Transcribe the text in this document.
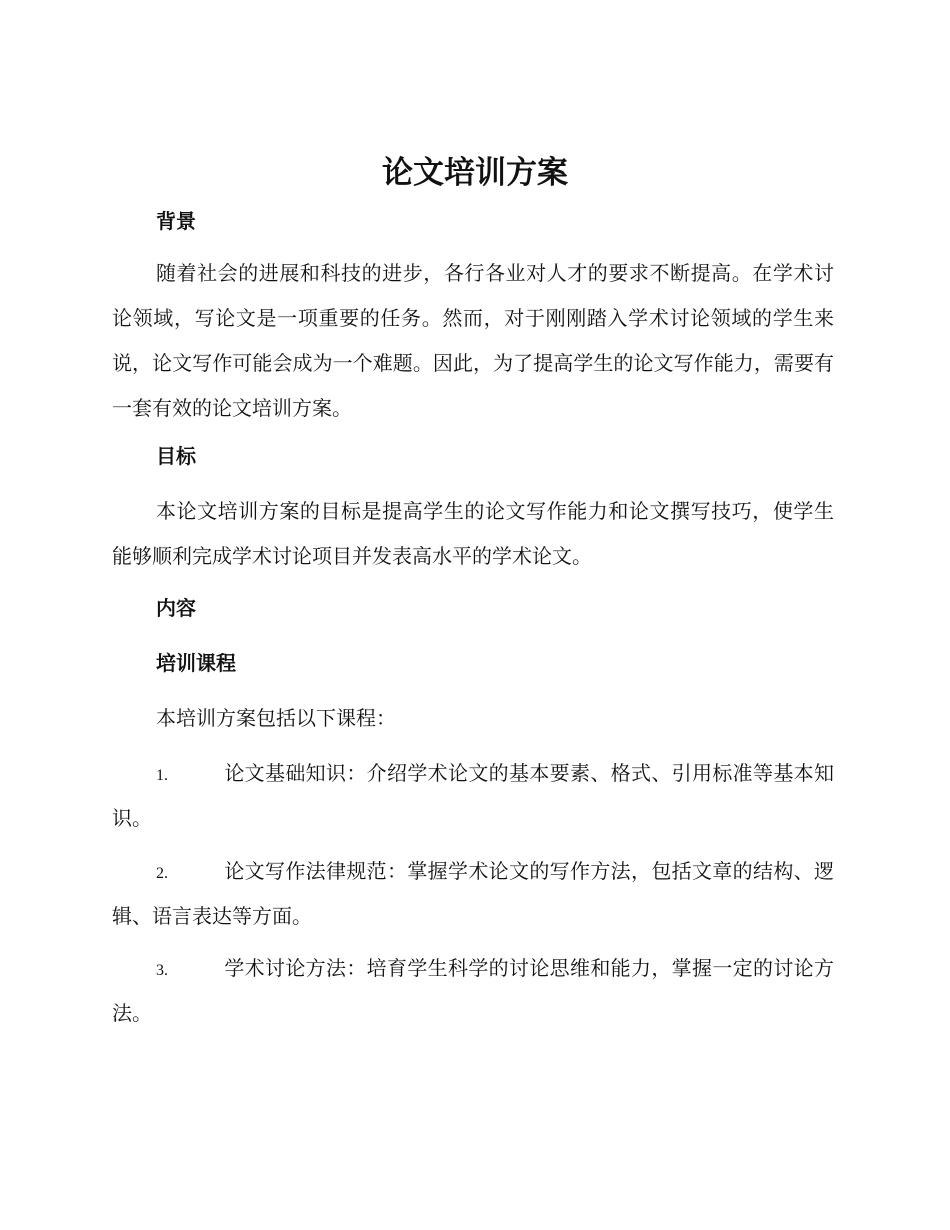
论文培训方案
背景

随着社会的进展和科技的进步，各行各业对人才的要求不断提高。在学术讨论领域，写论文是一项重要的任务。然而，对于刚刚踏入学术讨论领域的学生来说，论文写作可能会成为一个难题。因此，为了提高学生的论文写作能力，需要有一套有效的论文培训方案。

目标

本论文培训方案的目标是提高学生的论文写作能力和论文撰写技巧，使学生能够顺利完成学术讨论项目并发表高水平的学术论文。

内容
培训课程

本培训方案包括以下课程：

1.	论文基础知识：介绍学术论文的基本要素、格式、引用标准等基本知识。

2.	论文写作法律规范：掌握学术论文的写作方法，包括文章的结构、逻辑、语言表达等方面。

3.	学术讨论方法：培育学生科学的讨论思维和能力，掌握一定的讨论方法。
